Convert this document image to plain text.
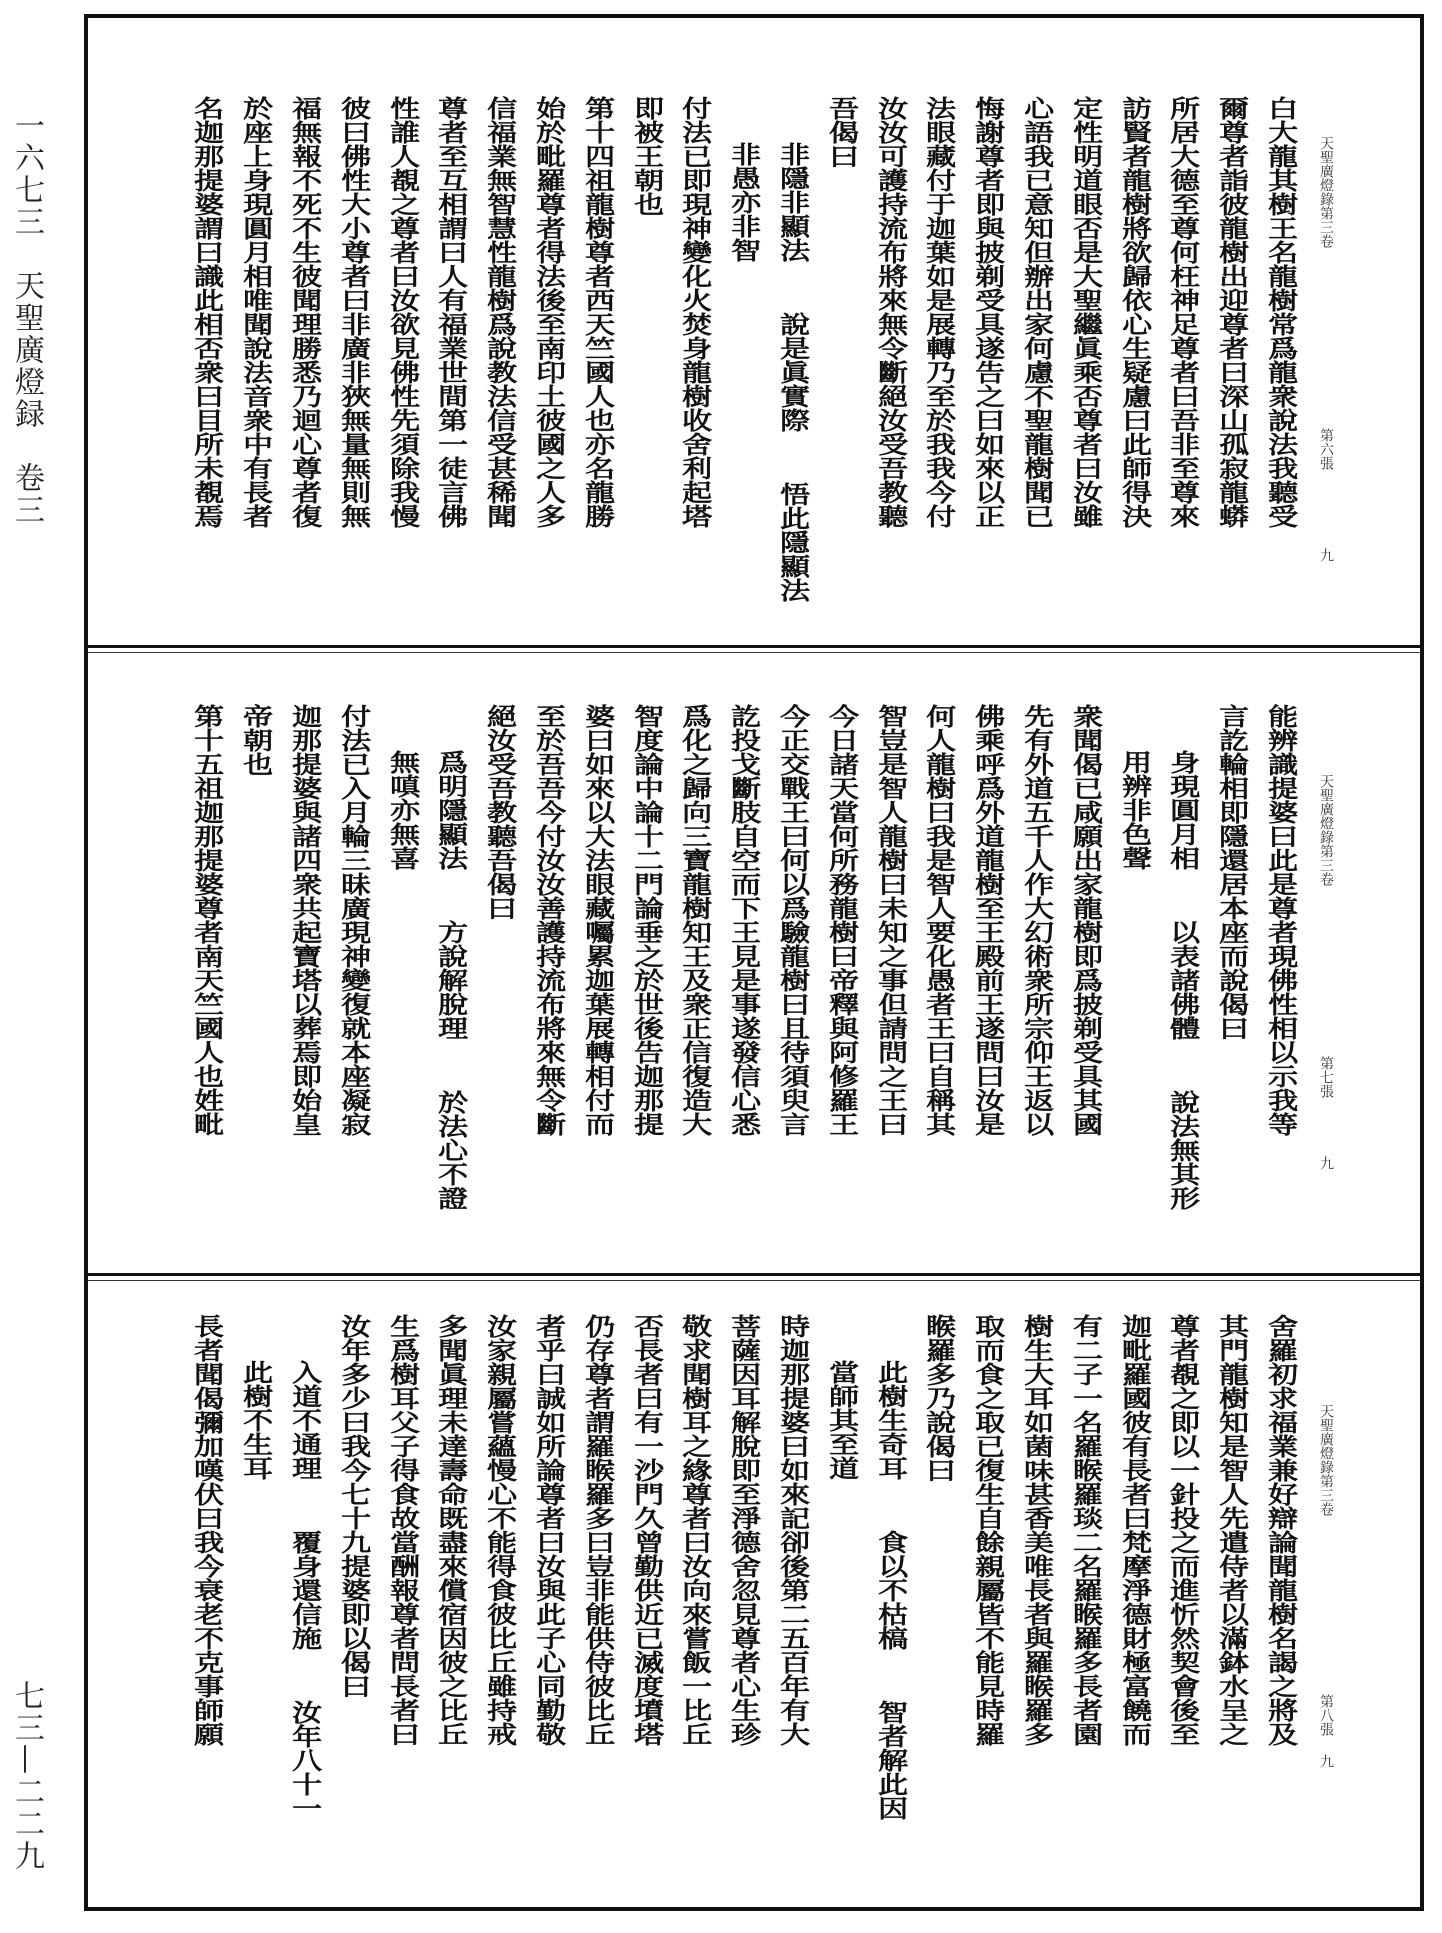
一六七三　天聖廣燈録　卷三
七三—二二九
天聖廣燈錄第三卷
第六張
九
白大龍其樹王名龍樹常爲龍衆說法我聽受
爾尊者詣彼龍樹出迎尊者曰深山孤寂龍蟒
所居大德至尊何枉神足尊者曰吾非至尊來
訪賢者龍樹將欲歸依心生疑慮曰此師得決
定性明道眼否是大聖繼眞乘否尊者曰汝雖
心語我已意知但辦出家何慮不聖龍樹聞已
悔謝尊者即與披剃受具遂告之曰如來以正
法眼藏付于迦葉如是展轉乃至於我我今付
汝汝可護持流布將來無令斷絕汝受吾教聽
吾偈曰
非隱非顯法
說是眞實際
悟此隱顯法
非愚亦非智
付法已即現神變化火焚身龍樹收舍利起塔
即被王朝也
第十四祖龍樹尊者西天竺國人也亦名龍勝
始於毗羅尊者得法後至南印土彼國之人多
信福業無智慧性龍樹爲說教法信受甚稀聞
尊者至互相謂曰人有福業世間第一徒言佛
性誰人覩之尊者曰汝欲見佛性先須除我慢
彼曰佛性大小尊者曰非廣非狹無量無則無
福無報不死不生彼聞理勝悉乃迴心尊者復
於座上身現圓月相唯聞說法音衆中有長者
名迦那提婆謂曰識此相否衆曰目所未覩焉
天聖廣燈錄第三卷
第七張
九
能辨識提婆曰此是尊者現佛性相以示我等
言訖輪相即隱還居本座而說偈曰
身現圓月相
以表諸佛體
說法無其形
用辨非色聲
衆聞偈已咸願出家龍樹即爲披剃受具其國
先有外道五千人作大幻術衆所宗仰王返以
佛乘呼爲外道龍樹至王殿前王遂問曰汝是
何人龍樹曰我是智人要化愚者王曰自稱其
智豈是智人龍樹曰未知之事但請問之王曰
今日諸天當何所務龍樹曰帝釋與阿修羅王
今正交戰王曰何以爲驗龍樹曰且待須臾言
訖投戈斷肢自空而下王見是事遂發信心悉
爲化之歸向三寶龍樹知王及衆正信復造大
智度論中論十二門論垂之於世後告迦那提
婆曰如來以大法眼藏囑累迦葉展轉相付而
至於吾吾今付汝汝善護持流布將來無令斷
絕汝受吾教聽吾偈曰
爲明隱顯法
方說解脫理
於法心不證
無嗔亦無喜
付法已入月輪三昧廣現神變復就本座凝寂
迦那提婆與諸四衆共起寶塔以葬焉即始皇
帝朝也
第十五祖迦那提婆尊者南天竺國人也姓毗
天聖廣燈錄第三卷
第八張
九
舍羅初求福業兼好辯論聞龍樹名謁之將及
其門龍樹知是智人先遣侍者以滿鉢水呈之
尊者覩之即以一針投之而進忻然契會後至
迦毗羅國彼有長者曰梵摩淨德財極富饒而
有二子一名羅睺羅琰二名羅睺羅多長者園
樹生大耳如菌味甚香美唯長者與羅睺羅多
取而食之取已復生自餘親屬皆不能見時羅
睺羅多乃說偈曰
此樹生奇耳
食以不枯槁
智者解此因
當師其至道
時迦那提婆曰如來記卻後第二五百年有大
菩薩因耳解脫即至淨德舍忽見尊者心生珍
敬求聞樹耳之緣尊者曰汝向來嘗飯一比丘
否長者曰有一沙門久曾勤供近已滅度墳塔
仍存尊者謂羅睺羅多曰豈非能供侍彼比丘
者乎曰誠如所論尊者曰汝與此子心同勤敬
汝家親屬嘗蘊慢心不能得食彼比丘雖持戒
多聞眞理未達壽命既盡來償宿因彼之比丘
生爲樹耳父子得食故當酬報尊者問長者曰
汝年多少曰我今七十九提婆即以偈曰
入道不通理
覆身還信施
汝年八十一
此樹不生耳
長者聞偈彌加嘆伏曰我今衰老不克事師願
